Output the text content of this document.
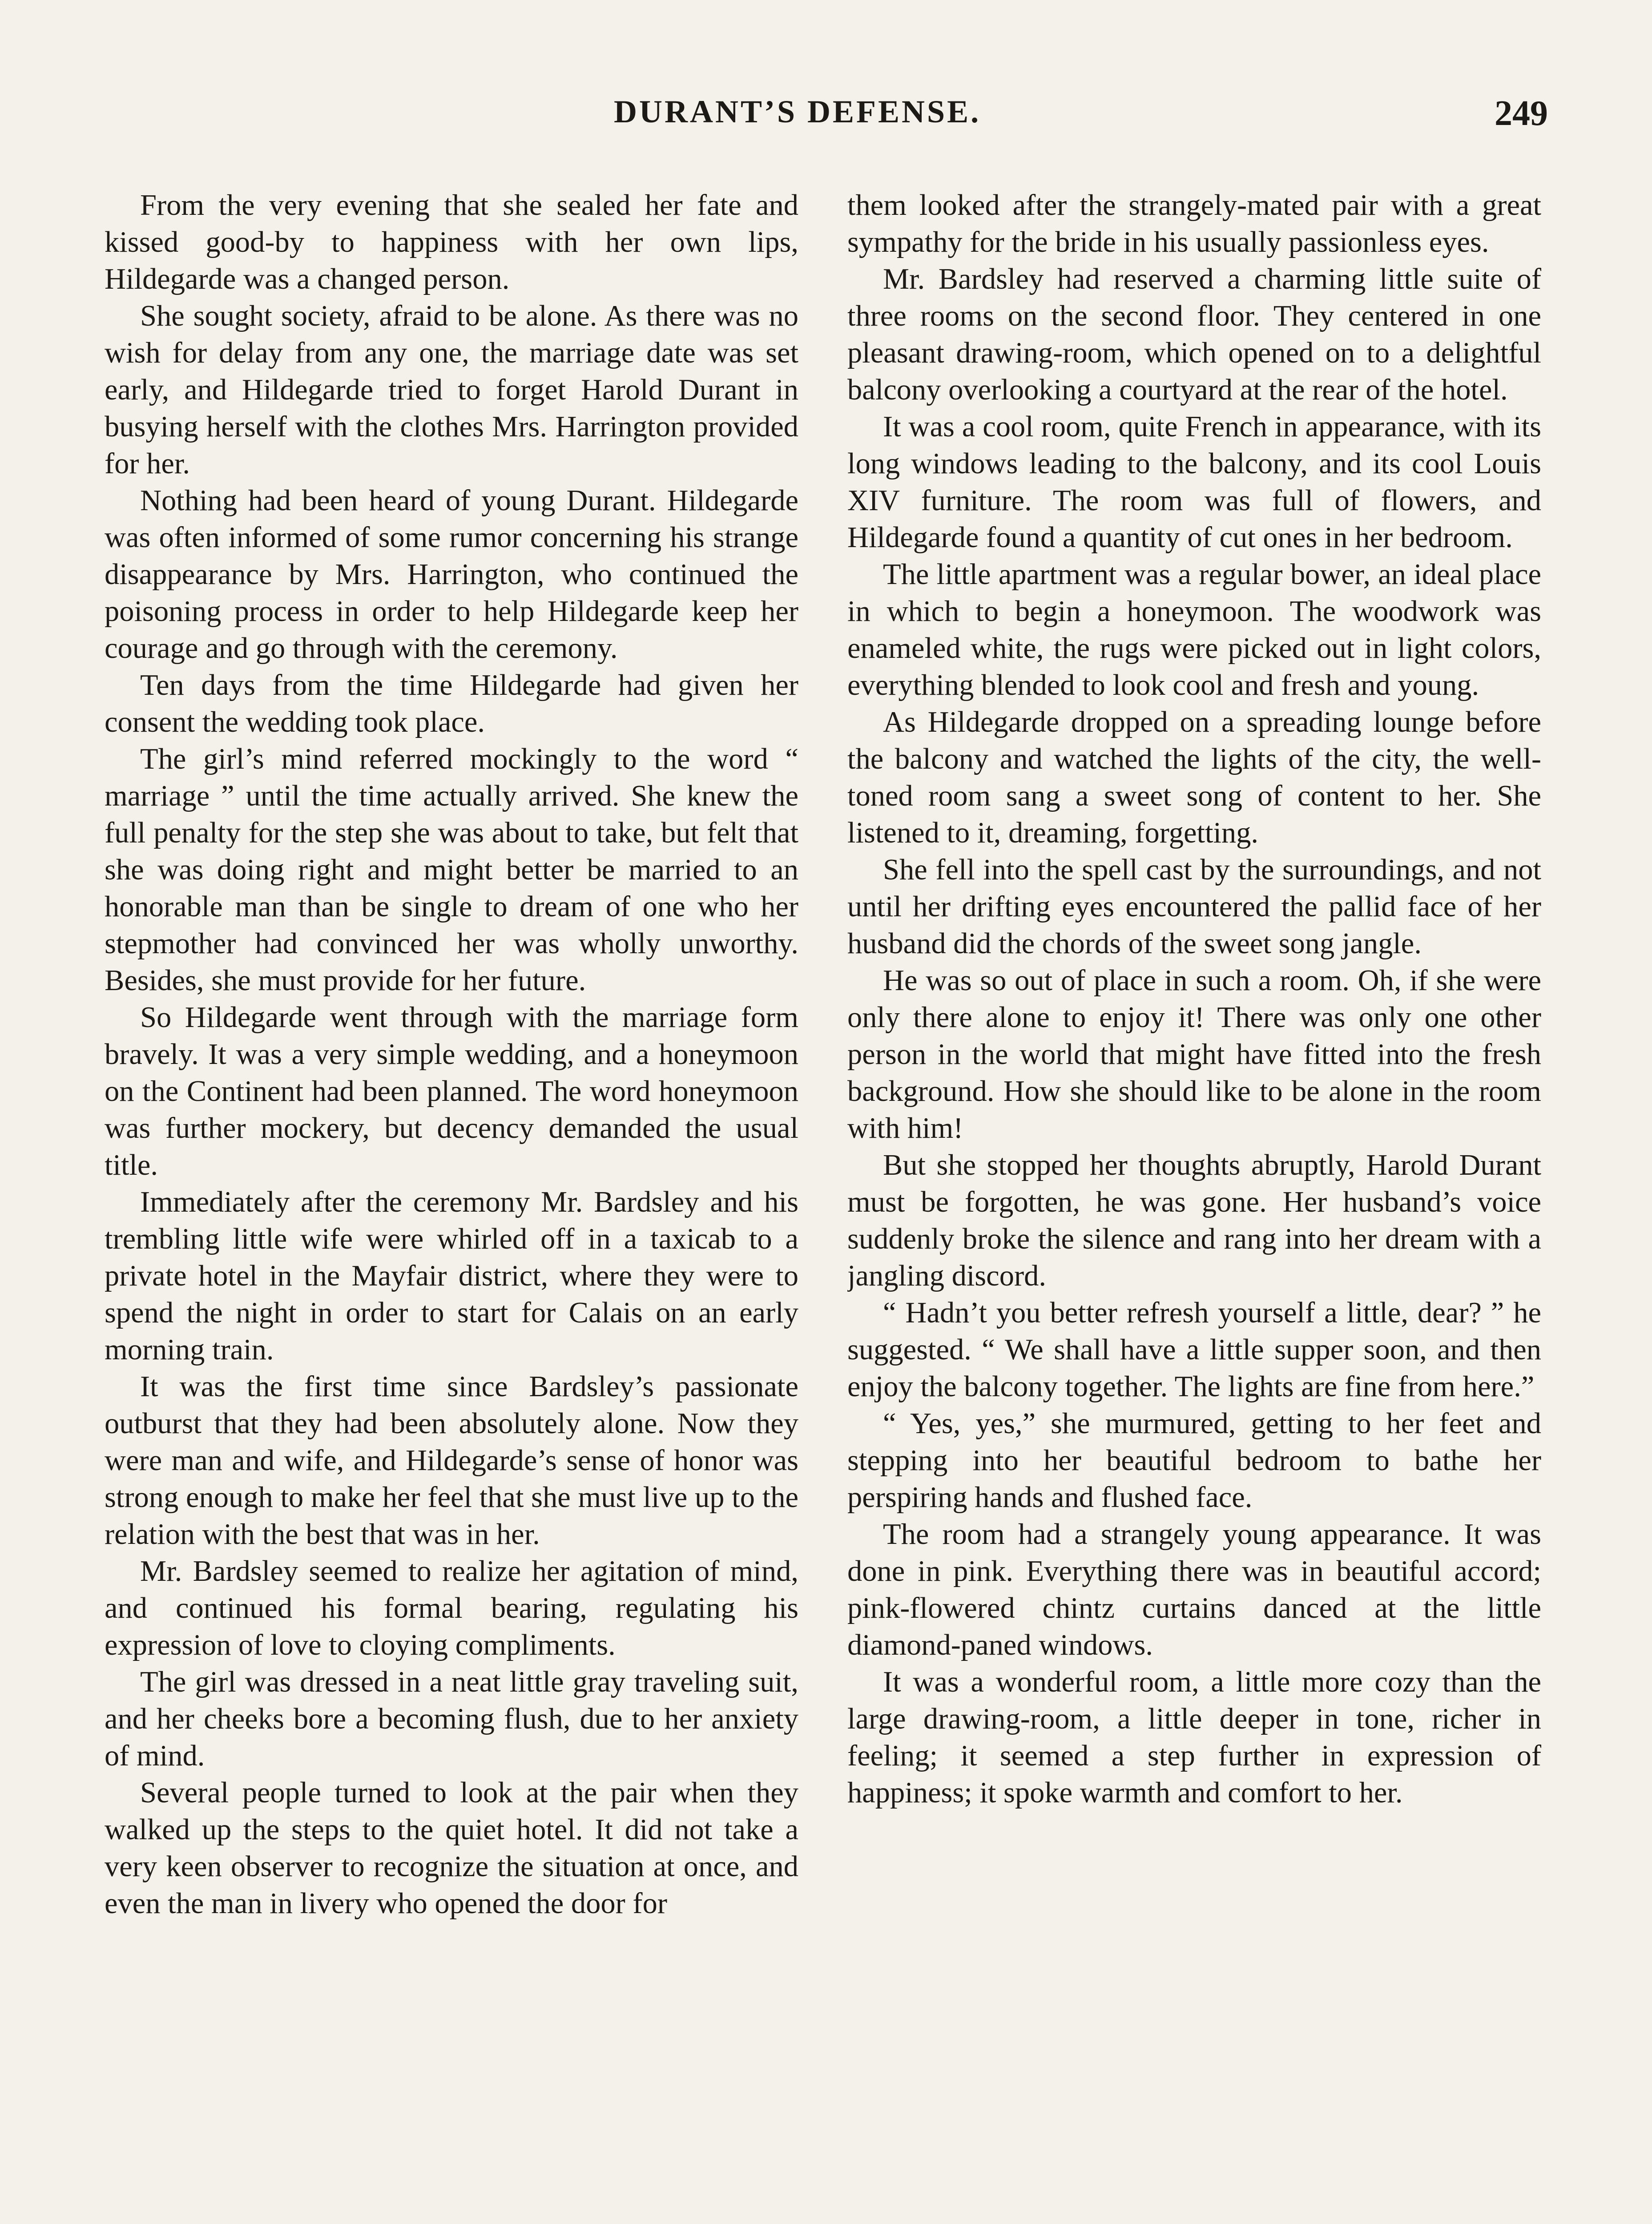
DURANT’S DEFENSE.	249

From the very evening that she sealed her fate and kissed good-by to happiness with her own lips, Hildegarde was a changed person.

She sought society, afraid to be alone. As there was no wish for delay from any one, the marriage date was set early, and Hildegarde tried to forget Harold Durant in busying herself with the clothes Mrs. Harrington provided for her.

Nothing had been heard of young Durant. Hildegarde was often informed of some rumor concerning his strange disappearance by Mrs. Harrington, who continued the poisoning process in order to help Hildegarde keep her courage and go through with the ceremony.

Ten days from the time Hildegarde had given her consent the wedding took place.

The girl’s mind referred mockingly to the word “ marriage ” until the time actually arrived. She knew the full penalty for the step she was about to take, but felt that she was doing right and might better be married to an honorable man than be single to dream of one who her stepmother had convinced her was wholly unworthy. Besides, she must provide for her future.

So Hildegarde went through with the marriage form bravely. It was a very simple wedding, and a honeymoon on the Continent had been planned. The word honeymoon was further mockery, but decency demanded the usual title.

Immediately after the ceremony Mr. Bardsley and his trembling little wife were whirled off in a taxicab to a private hotel in the Mayfair district, where they were to spend the night in order to start for Calais on an early morning train.

It was the first time since Bardsley’s passionate outburst that they had been absolutely alone. Now they were man and wife, and Hildegarde’s sense of honor was strong enough to make her feel that she must live up to the relation with the best that was in her.

Mr. Bardsley seemed to realize her agitation of mind, and continued his formal bearing, regulating his expression of love to cloying compliments.

The girl was dressed in a neat little gray traveling suit, and her cheeks bore a becoming flush, due to her anxiety of mind.

Several people turned to look at the pair when they walked up the steps to the quiet hotel. It did not take a very keen observer to recognize the situation at once, and even the man in livery who opened the door for

them looked after the strangely-mated pair with a great sympathy for the bride in his usually passionless eyes.

Mr. Bardsley had reserved a charming little suite of three rooms on the second floor. They centered in one pleasant drawing-room, which opened on to a delightful balcony overlooking a courtyard at the rear of the hotel.

It was a cool room, quite French in appearance, with its long windows leading to the balcony, and its cool Louis XIV furniture. The room was full of flowers, and Hildegarde found a quantity of cut ones in her bedroom.

The little apartment was a regular bower, an ideal place in which to begin a honeymoon. The woodwork was enameled white, the rugs were picked out in light colors, everything blended to look cool and fresh and young.

As Hildegarde dropped on a spreading lounge before the balcony and watched the lights of the city, the well-toned room sang a sweet song of content to her. She listened to it, dreaming, forgetting.

She fell into the spell cast by the surroundings, and not until her drifting eyes encountered the pallid face of her husband did the chords of the sweet song jangle.

He was so out of place in such a room. Oh, if she were only there alone to enjoy it! There was only one other person in the world that might have fitted into the fresh background. How she should like to be alone in the room with him!

But she stopped her thoughts abruptly, Harold Durant must be forgotten, he was gone. Her husband’s voice suddenly broke the silence and rang into her dream with a jangling discord.

“ Hadn’t you better refresh yourself a little, dear? ” he suggested. “ We shall have a little supper soon, and then enjoy the balcony together. The lights are fine from here.”

“ Yes, yes,” she murmured, getting to her feet and stepping into her beautiful bedroom to bathe her perspiring hands and flushed face.

The room had a strangely young appearance. It was done in pink. Everything there was in beautiful accord; pink-flowered chintz curtains danced at the little diamond-paned windows.

It was a wonderful room, a little more cozy than the large drawing-room, a little deeper in tone, richer in feeling; it seemed a step further in expression of happiness; it spoke warmth and comfort to her.
